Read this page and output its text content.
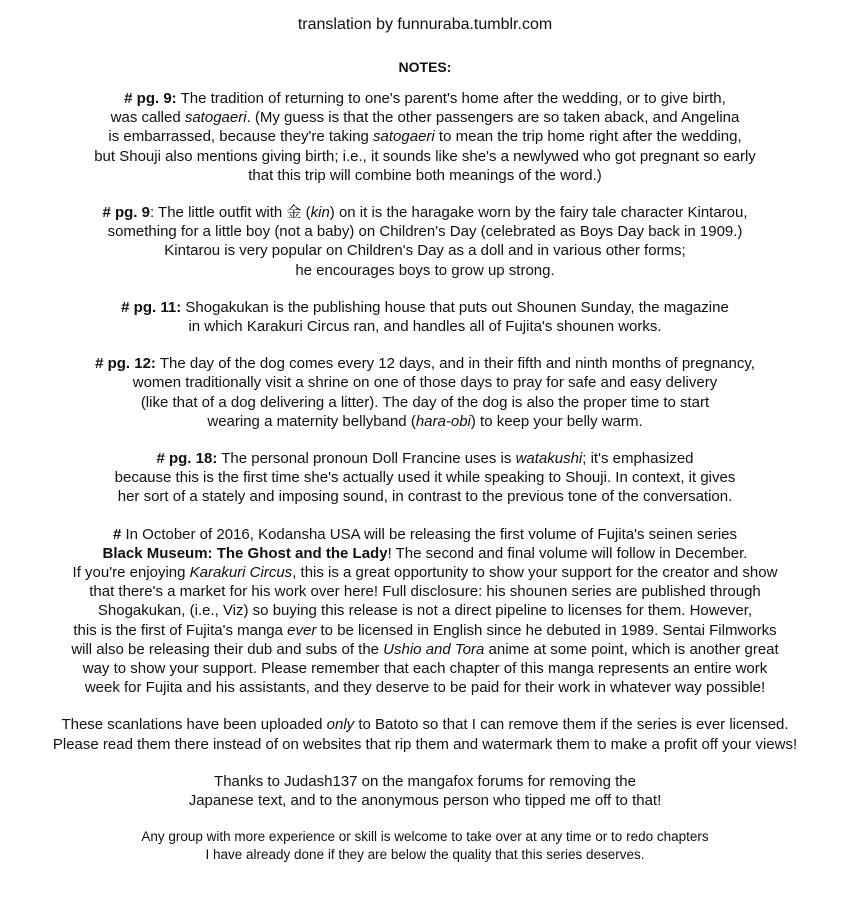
translation by funnuraba.tumblr.com
NOTES:
# pg. 9: The tradition of returning to one's parent's home after the wedding, or to give birth,
was called satogaeri. (My guess is that the other passengers are so taken aback, and Angelina
is embarrassed, because they're taking satogaeri to mean the trip home right after the wedding,
but Shouji also mentions giving birth; i.e., it sounds like she's a newlywed who got pregnant so early
that this trip will combine both meanings of the word.)
# pg. 9: The little outfit with 金 (kin) on it is the haragake worn by the fairy tale character Kintarou,
something for a little boy (not a baby) on Children's Day (celebrated as Boys Day back in 1909.)
Kintarou is very popular on Children's Day as a doll and in various other forms;
he encourages boys to grow up strong.
# pg. 11: Shogakukan is the publishing house that puts out Shounen Sunday, the magazine
in which Karakuri Circus ran, and handles all of Fujita's shounen works.
# pg. 12: The day of the dog comes every 12 days, and in their fifth and ninth months of pregnancy,
women traditionally visit a shrine on one of those days to pray for safe and easy delivery
(like that of a dog delivering a litter). The day of the dog is also the proper time to start
wearing a maternity bellyband (hara-obi) to keep your belly warm.
# pg. 18: The personal pronoun Doll Francine uses is watakushi; it's emphasized
because this is the first time she's actually used it while speaking to Shouji. In context, it gives
her sort of a stately and imposing sound, in contrast to the previous tone of the conversation.
# In October of 2016, Kodansha USA will be releasing the first volume of Fujita's seinen series
Black Museum: The Ghost and the Lady! The second and final volume will follow in December.
If you're enjoying Karakuri Circus, this is a great opportunity to show your support for the creator and show
that there's a market for his work over here! Full disclosure: his shounen series are published through
Shogakukan, (i.e., Viz) so buying this release is not a direct pipeline to licenses for them. However,
this is the first of Fujita's manga ever to be licensed in English since he debuted in 1989. Sentai Filmworks
will also be releasing their dub and subs of the Ushio and Tora anime at some point, which is another great
way to show your support. Please remember that each chapter of this manga represents an entire work
week for Fujita and his assistants, and they deserve to be paid for their work in whatever way possible!
These scanlations have been uploaded only to Batoto so that I can remove them if the series is ever licensed.
Please read them there instead of on websites that rip them and watermark them to make a profit off your views!
Thanks to Judash137 on the mangafox forums for removing the
Japanese text, and to the anonymous person who tipped me off to that!
Any group with more experience or skill is welcome to take over at any time or to redo chapters
I have already done if they are below the quality that this series deserves.
